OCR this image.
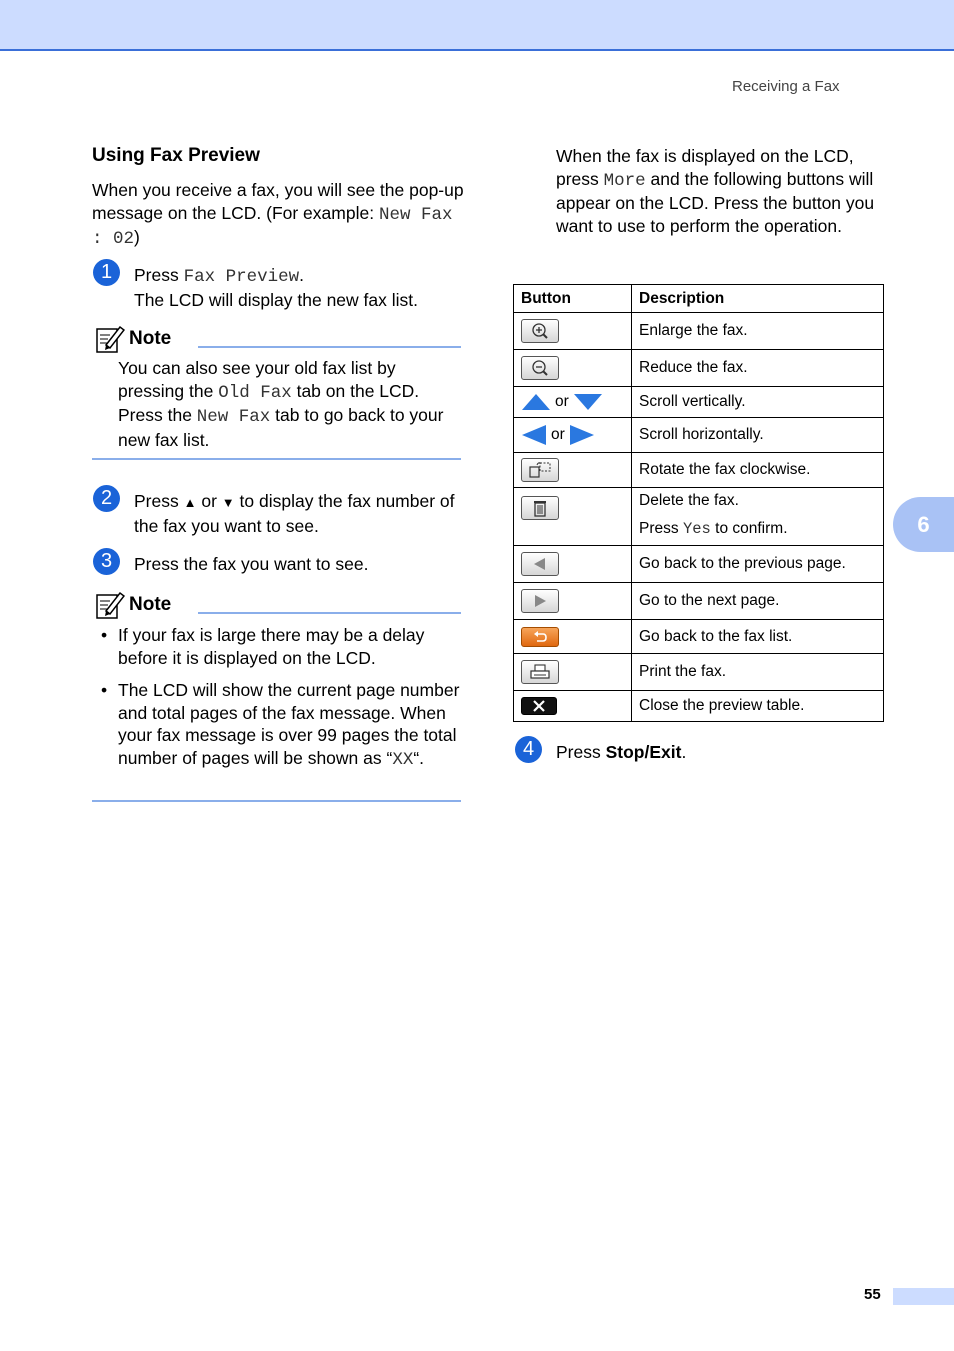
Receiving a Fax
6
Using Fax Preview
When you receive a fax, you will see the pop-up message on the LCD. (For example: New Fax : 02)
1	Press Fax Preview.
The LCD will display the new fax list.
Note
You can also see your old fax list by pressing the Old Fax tab on the LCD. Press the New Fax tab to go back to your new fax list.
2	Press ▲ or ▼ to display the fax number of the fax you want to see.
3	Press the fax you want to see.
Note
• If your fax is large there may be a delay before it is displayed on the LCD.
• The LCD will show the current page number and total pages of the fax message. When your fax message is over 99 pages the total number of pages will be shown as “XX“.
When the fax is displayed on the LCD, press More and the following buttons will appear on the LCD. Press the button you want to use to perform the operation.
Button	Description

	Enlarge the fax.

	Reduce the fax.
or	Scroll vertically.
or	Scroll horizontally.

	Rotate the fax clockwise.

Delete the fax.
Press Yes to confirm.

	Go back to the previous page.

	Go to the next page.

	Go back to the fax list.

	Print the fax.

	Close the preview table.
4	Press Stop/Exit.
55
